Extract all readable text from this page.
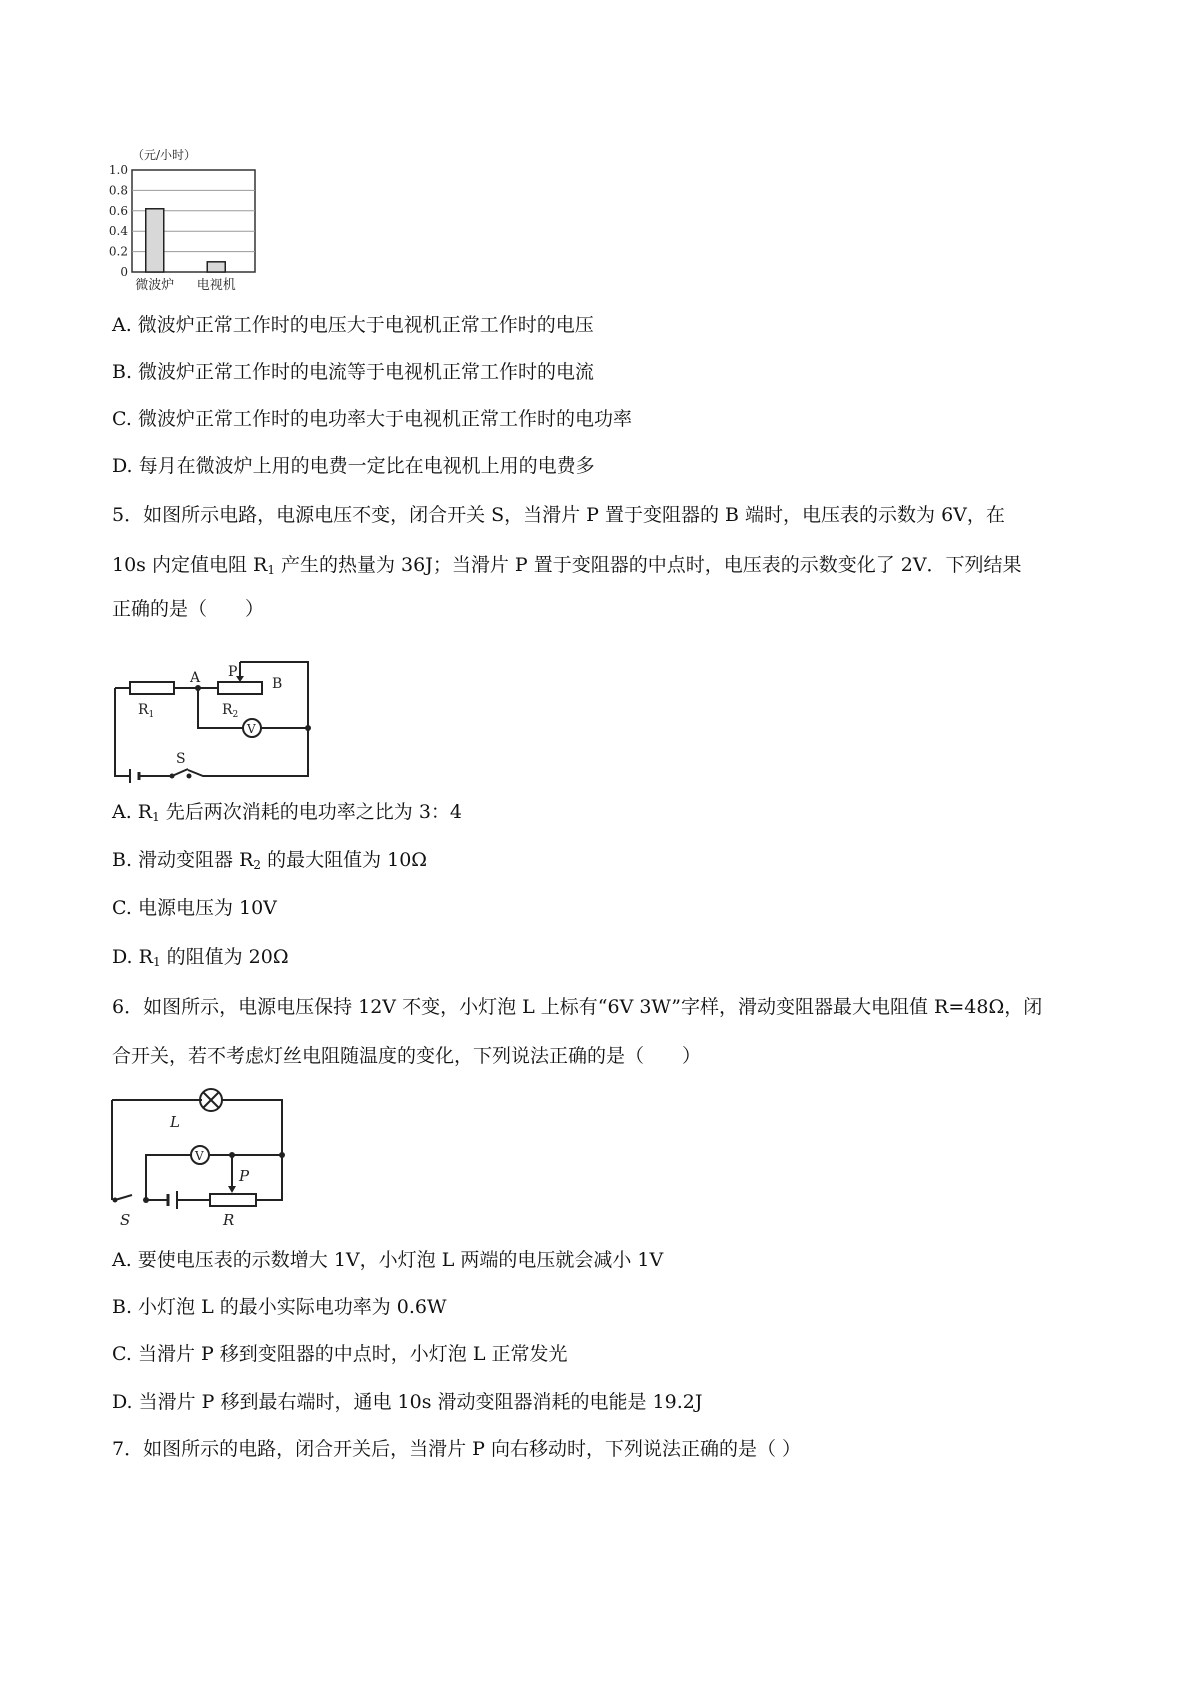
（元/小时）
1.0
0.8
0.6
0.4
0.2
0
微波炉 电视机
A. 微波炉正常工作时的电压大于电视机正常工作时的电压
B. 微波炉正常工作时的电流等于电视机正常工作时的电流
C. 微波炉正常工作时的电功率大于电视机正常工作时的电功率
D. 每月在微波炉上用的电费一定比在电视机上用的电费多
5．如图所示电路，电源电压不变，闭合开关 S，当滑片 P 置于变阻器的 B 端时，电压表的示数为 6V，在
10s 内定值电阻 $R_1$ 产生的热量为 36J；当滑片 P 置于变阻器的中点时，电压表的示数变化了 2V．下列结果
正确的是（　　）
$R_1$	$R_2$
A P
B
V
S
A. $R_1$ 先后两次消耗的电功率之比为 3：4
B. 滑动变阻器 $R_2$ 的最大阻值为 10Ω
C. 电源电压为 10V
D. $R_1$ 的阻值为 20Ω
6．如图所示，电源电压保持 12V 不变，小灯泡 L 上标有“6V 3W”字样，滑动变阻器最大电阻值 R=48Ω，闭
合开关，若不考虑灯丝电阻随温度的变化，下列说法正确的是（　　）
L
V
P
S	R
A. 要使电压表的示数增大 1V，小灯泡 L 两端的电压就会减小 1V
B. 小灯泡 L 的最小实际电功率为 0.6W
C. 当滑片 P 移到变阻器的中点时，小灯泡 L 正常发光
D. 当滑片 P 移到最右端时，通电 10s 滑动变阻器消耗的电能是 19.2J
7．如图所示的电路，闭合开关后，当滑片 P 向右移动时，下列说法正确的是（ ）
